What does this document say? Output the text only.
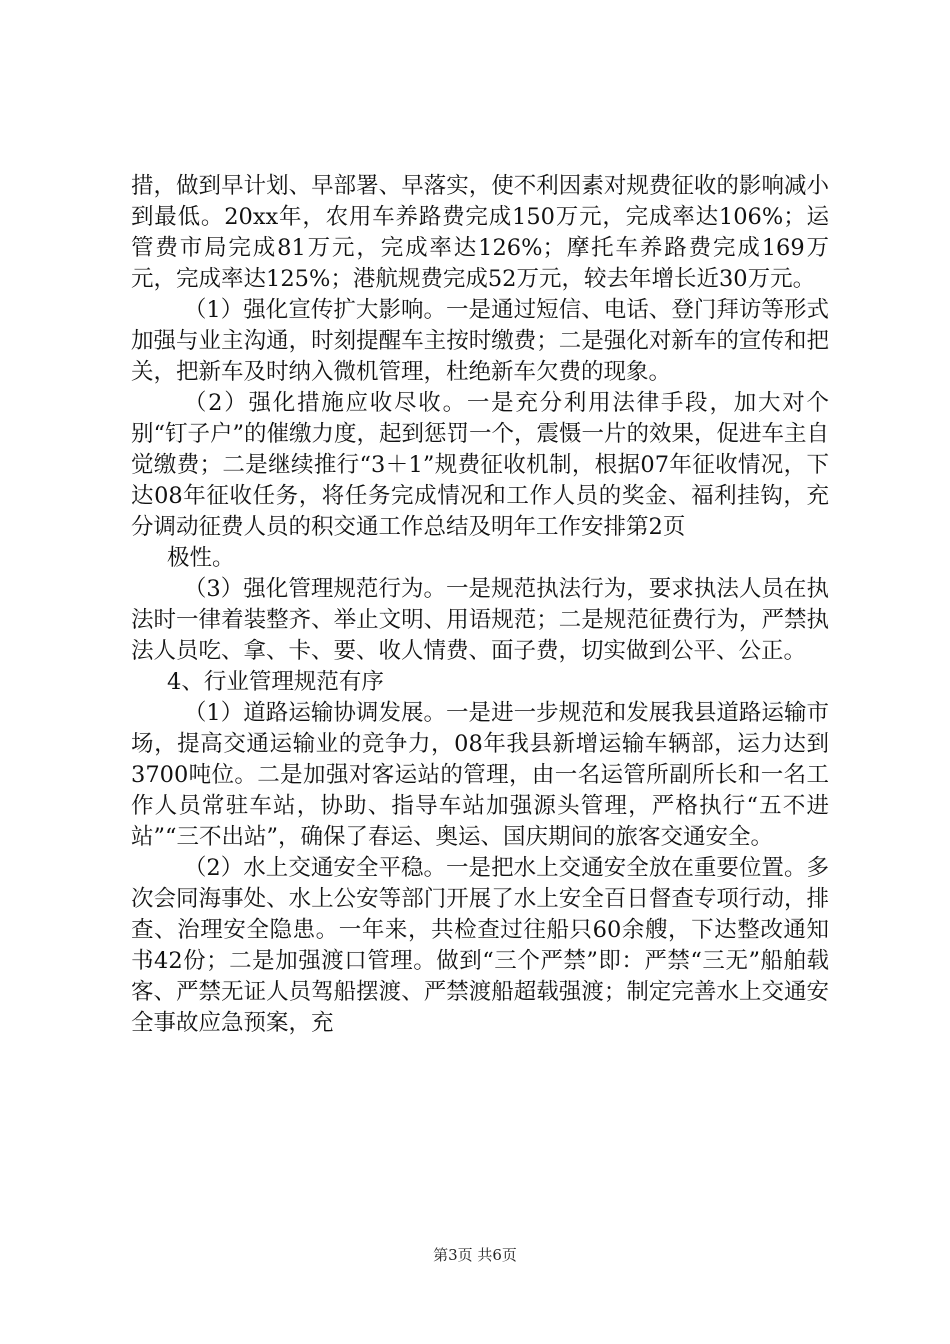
措，做到早计划、早部署、早落实，使不利因素对规费征收的影响减小到最低。20xx年，农用车养路费完成150万元，完成率达106%；运管费市局完成81万元，完成率达126%；摩托车养路费完成169万元，完成率达125%；港航规费完成52万元，较去年增长近30万元。

（1）强化宣传扩大影响。一是通过短信、电话、登门拜访等形式加强与业主沟通，时刻提醒车主按时缴费；二是强化对新车的宣传和把关，把新车及时纳入微机管理，杜绝新车欠费的现象。

（2）强化措施应收尽收。一是充分利用法律手段，加大对个别“钉子户”的催缴力度，起到惩罚一个，震慑一片的效果，促进车主自觉缴费；二是继续推行“3＋1”规费征收机制，根据07年征收情况，下达08年征收任务，将任务完成情况和工作人员的奖金、福利挂钩，充分调动征费人员的积交通工作总结及明年工作安排第2页

极性。

（3）强化管理规范行为。一是规范执法行为，要求执法人员在执法时一律着装整齐、举止文明、用语规范；二是规范征费行为，严禁执法人员吃、拿、卡、要、收人情费、面子费，切实做到公平、公正。

4、行业管理规范有序

（1）道路运输协调发展。一是进一步规范和发展我县道路运输市场，提高交通运输业的竞争力，08年我县新增运输车辆部，运力达到3700吨位。二是加强对客运站的管理，由一名运管所副所长和一名工作人员常驻车站，协助、指导车站加强源头管理，严格执行“五不进站”“三不出站”，确保了春运、奥运、国庆期间的旅客交通安全。

（2）水上交通安全平稳。一是把水上交通安全放在重要位置。多次会同海事处、水上公安等部门开展了水上安全百日督查专项行动，排查、治理安全隐患。一年来，共检查过往船只60余艘，下达整改通知书42份；二是加强渡口管理。做到“三个严禁”即：严禁“三无”船舶载客、严禁无证人员驾船摆渡、严禁渡船超载强渡；制定完善水上交通安全事故应急预案，充

第3页 共6页
